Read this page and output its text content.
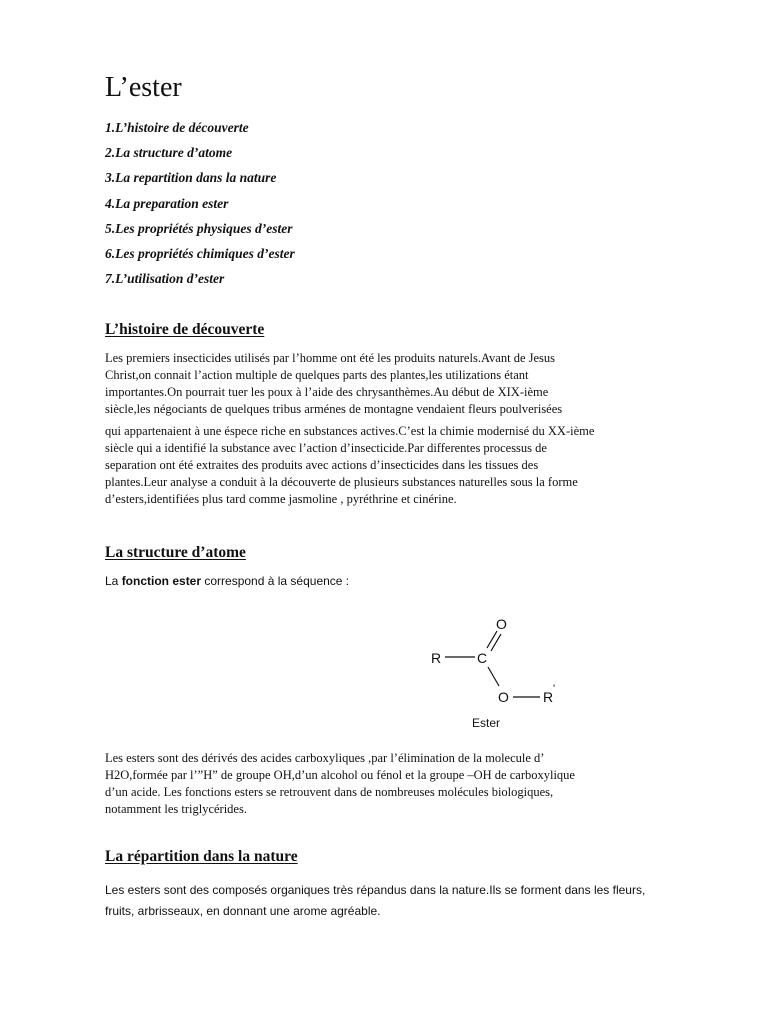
L’ester
1.L’histoire de découverte
2.La structure d’atome
3.La repartition dans la nature
4.La preparation ester
5.Les propriétés physiques d’ester
6.Les propriétés chimiques d’ester
7.L’utilisation d’ester
L’histoire de découverte

Les premiers insecticides utilisés par l’homme ont été les produits naturels.Avant de Jesus
Christ,on connait l’action multiple de quelques parts des plantes,les utilizations étant
importantes.On pourrait tuer les poux à l’aide des chrysanthèmes.Au début de XIX-ième
siècle,les négociants de quelques tribus arménes de montagne vendaient fleurs poulverisées

qui appartenaient à une éspece riche en substances actives.C’est la chimie modernisé du XX-ième
siècle qui a identifié la substance avec l’action d’insecticide.Par differentes processus de
separation ont été extraites des produits avec actions d’insecticides dans les tissues des
plantes.Leur analyse a conduit à la découverte de plusieurs substances naturelles sous la forme
d’esters,identifiées plus tard comme jasmoline , pyréthrine et cinérine.

La structure d’atome

La fonction ester correspond à la séquence :

R	C
O
O R '
Ester

Les esters sont des dérivés des acides carboxyliques ,par l’élimination de la molecule d’
H2O,formée par l’”H” de groupe OH,d’un alcohol ou fénol et la groupe –OH de carboxylique
d’un acide. Les fonctions esters se retrouvent dans de nombreuses molécules biologiques,
notamment les triglycérides.

La répartition dans la nature

Les esters sont des composés organiques très répandus dans la nature.Ils se forment dans les fleurs,
fruits, arbrisseaux, en donnant une arome agréable.
